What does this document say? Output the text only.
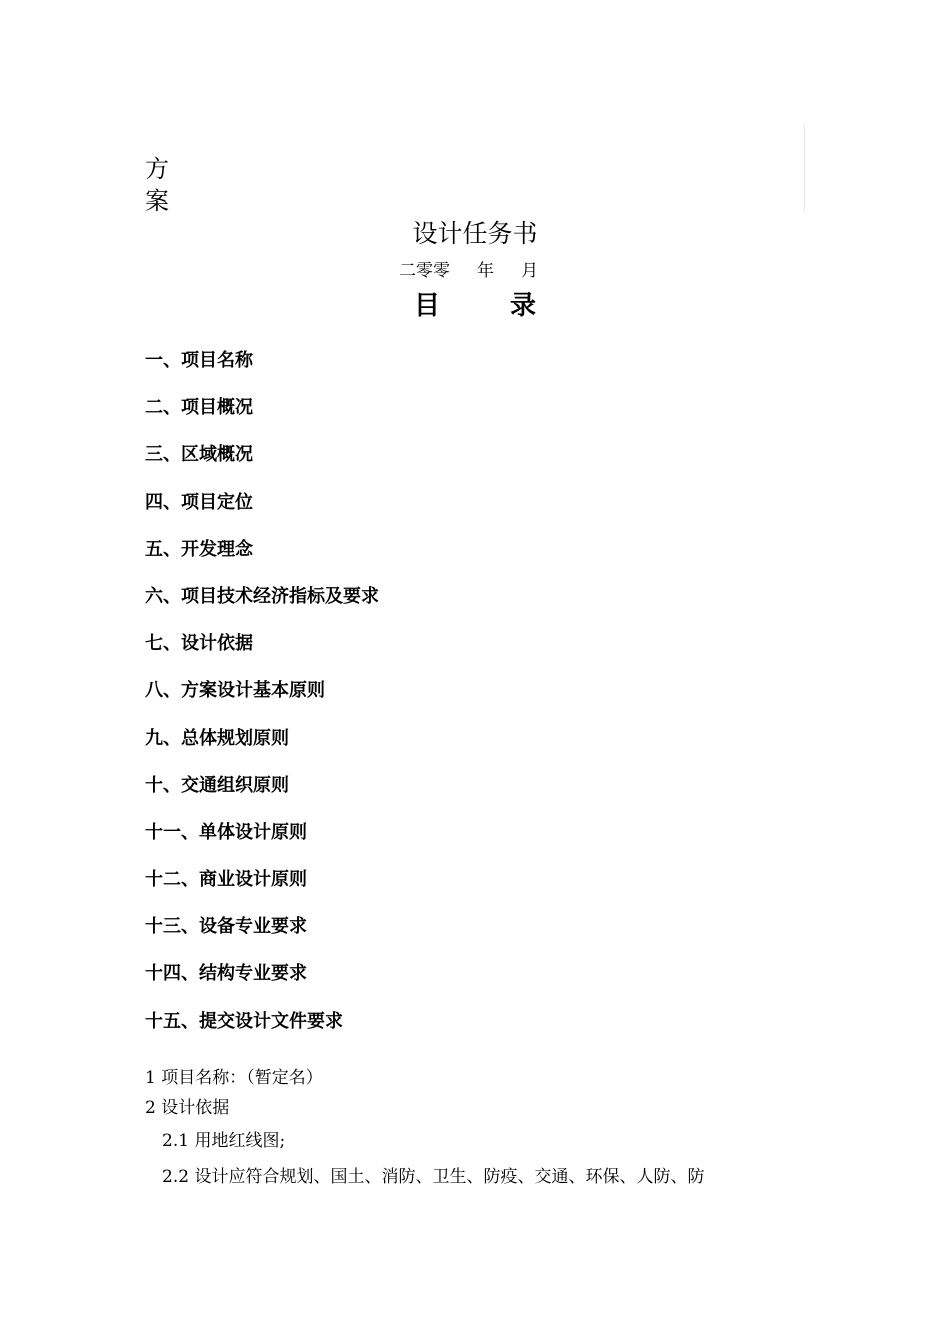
方
案
设计任务书
二零零 年 月
目	录
一、项目名称
二、项目概况
三、区域概况
四、项目定位
五、开发理念
六、项目技术经济指标及要求
七、设计依据
八、方案设计基本原则
九、总体规划原则
十、交通组织原则
十一、单体设计原则
十二、商业设计原则
十三、设备专业要求
十四、结构专业要求
十五、提交设计文件要求
1 项目名称：（暂定名）
2 设计依据
2.1 用地红线图;
2.2 设计应符合规划、国土、消防、卫生、防疫、交通、环保、人防、防
